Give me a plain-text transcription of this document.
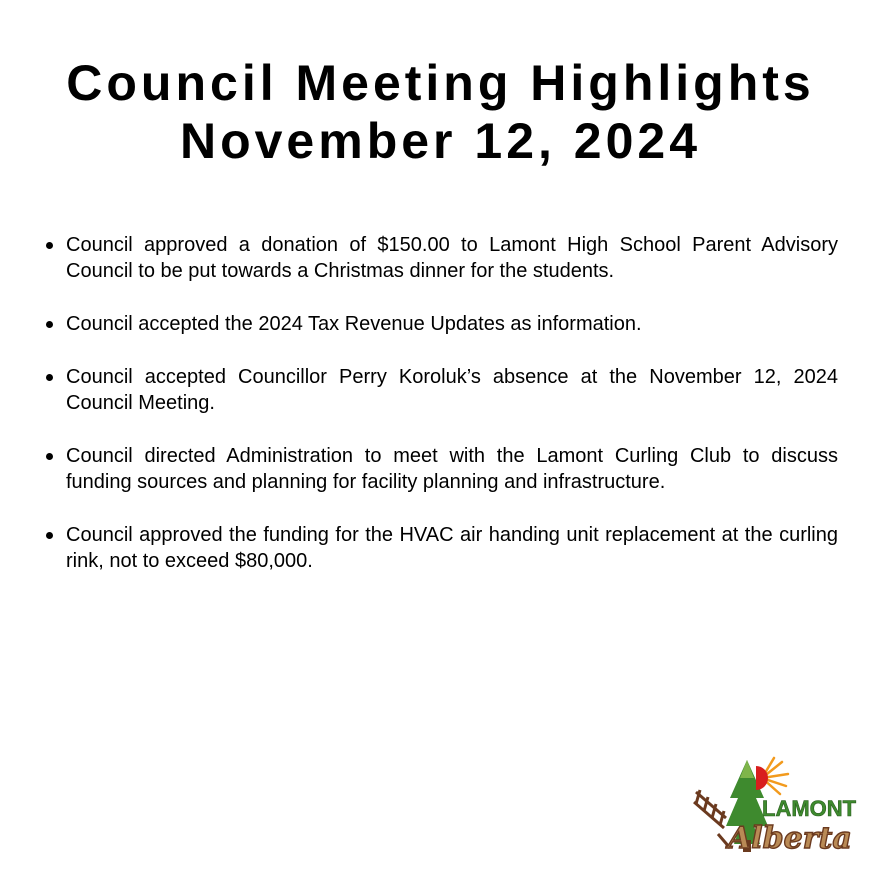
Council Meeting Highlights
November 12, 2024
Council approved a donation of $150.00 to Lamont High School Parent Advisory Council to be put towards a Christmas dinner for the students.
Council accepted the 2024 Tax Revenue Updates as information.
Council accepted Councillor Perry Koroluk’s absence at the November 12, 2024 Council Meeting.
Council directed Administration to meet with the Lamont Curling Club to discuss funding sources and planning for facility planning and infrastructure.
Council approved the funding for the HVAC air handing unit replacement at the curling rink, not to exceed $80,000.
LAMONT
Alberta
